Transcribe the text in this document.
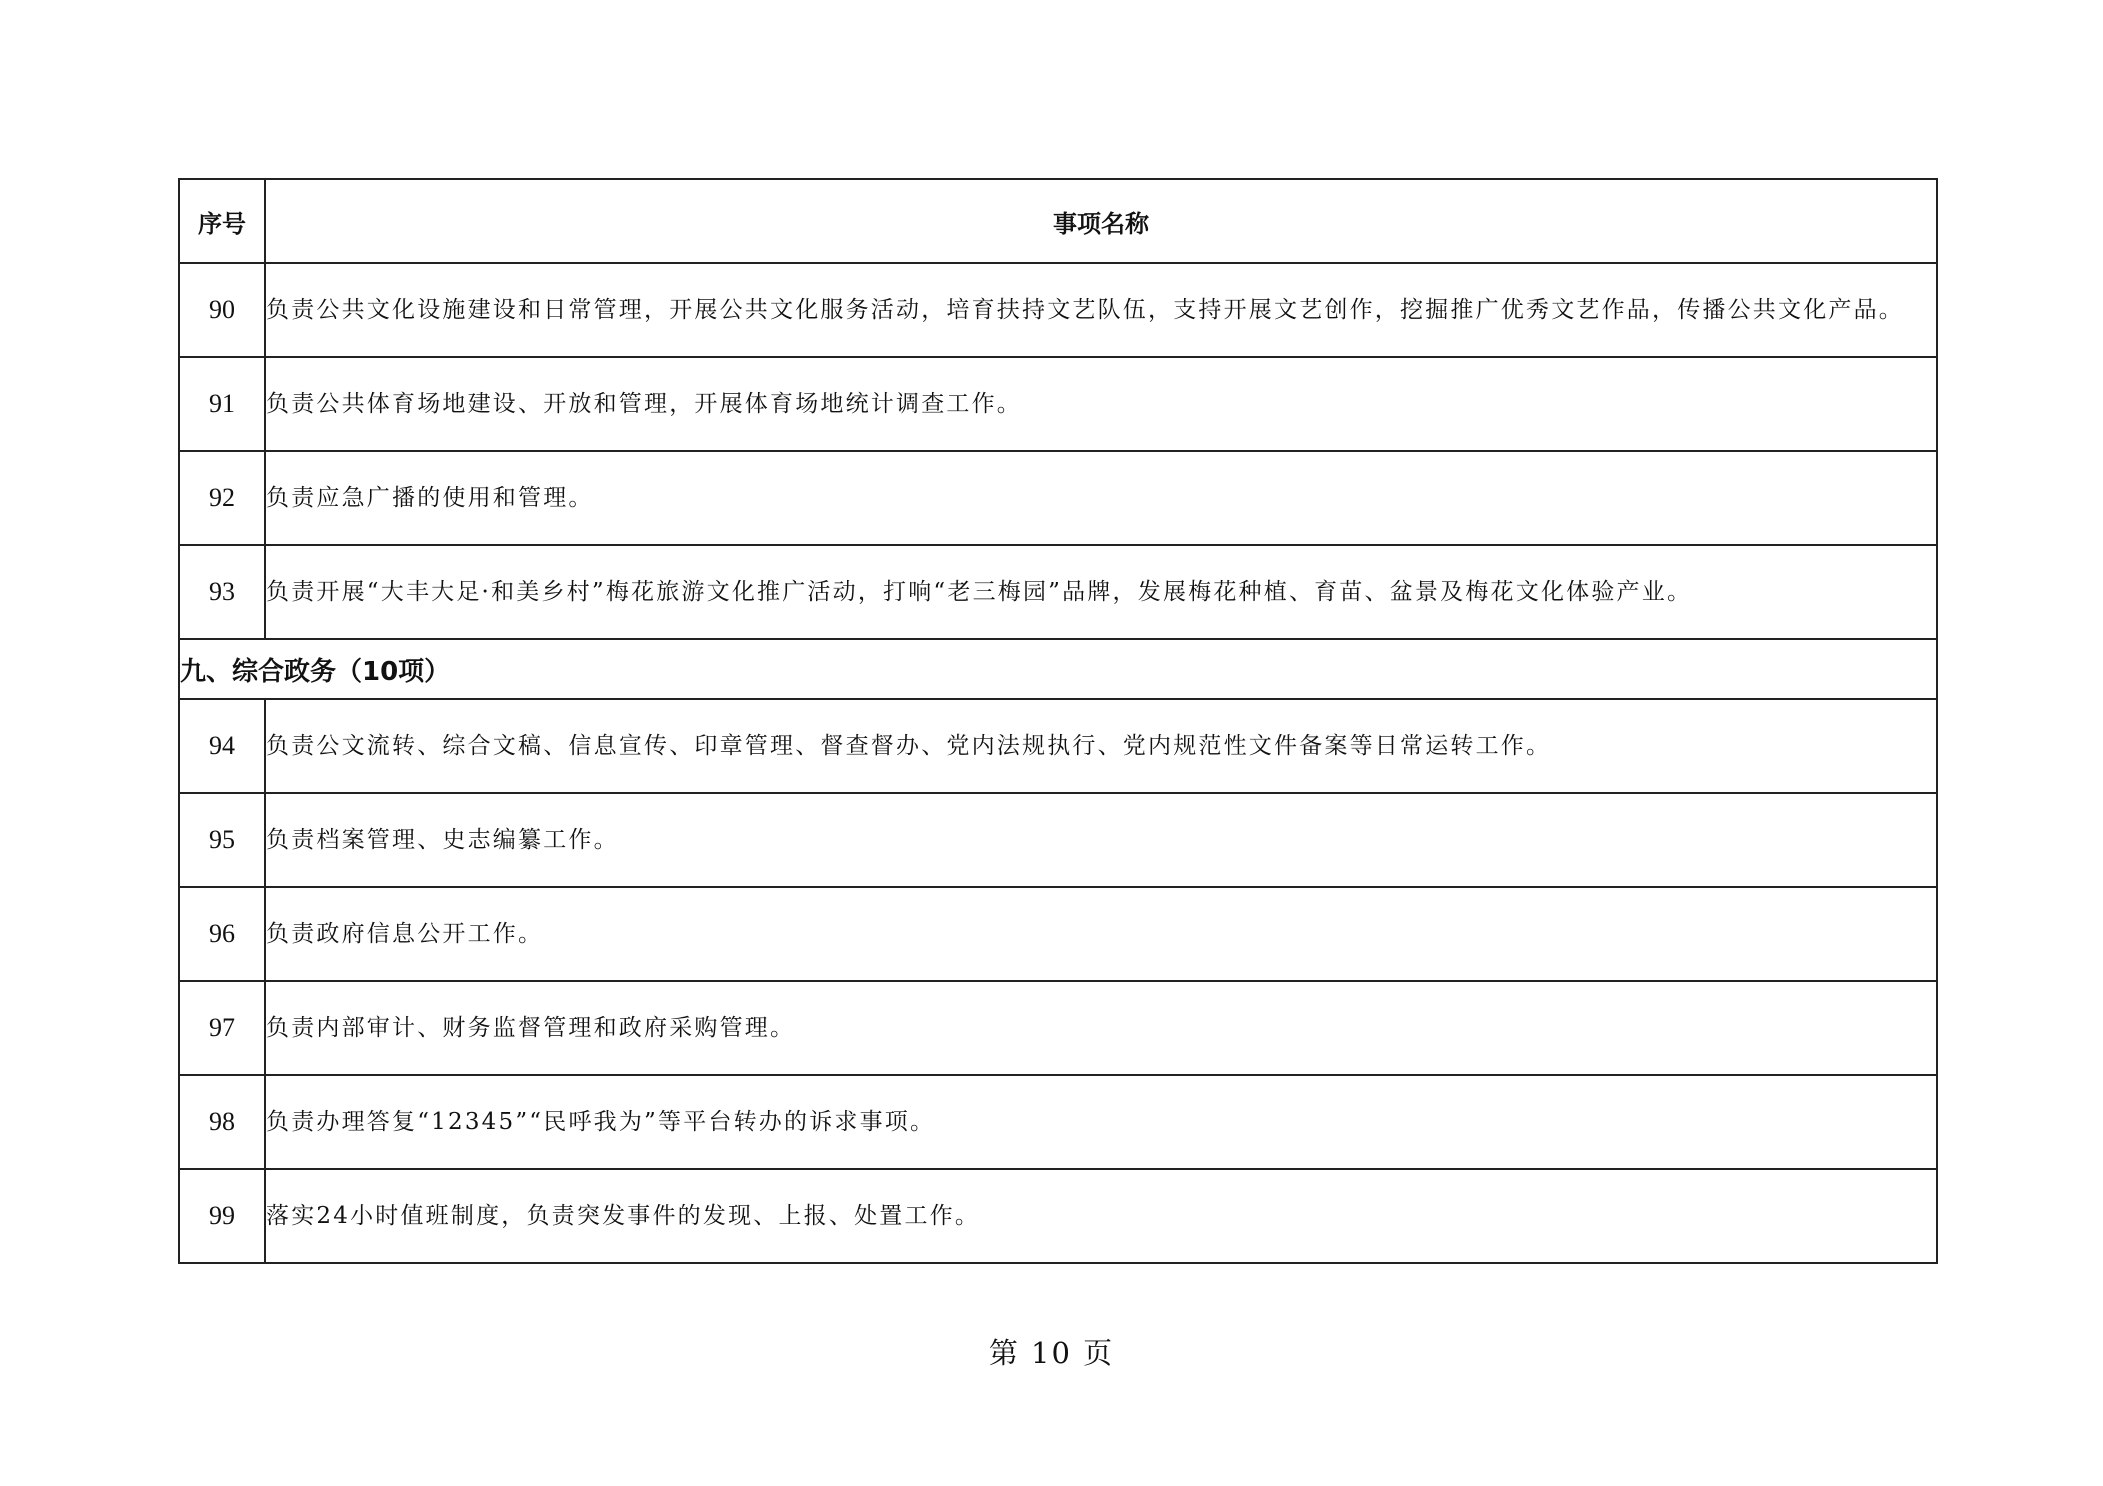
序号	事项名称
90	负责公共文化设施建设和日常管理，开展公共文化服务活动，培育扶持文艺队伍，支持开展文艺创作，挖掘推广优秀文艺作品，传播公共文化产品。
91	负责公共体育场地建设、开放和管理，开展体育场地统计调查工作。
92	负责应急广播的使用和管理。
93	负责开展“大丰大足·和美乡村”梅花旅游文化推广活动，打响“老三梅园”品牌，发展梅花种植、育苗、盆景及梅花文化体验产业。
九、综合政务（10项）	
94	负责公文流转、综合文稿、信息宣传、印章管理、督查督办、党内法规执行、党内规范性文件备案等日常运转工作。
95	负责档案管理、史志编纂工作。
96	负责政府信息公开工作。
97	负责内部审计、财务监督管理和政府采购管理。
98	负责办理答复“12345”“民呼我为”等平台转办的诉求事项。
99	落实24小时值班制度，负责突发事件的发现、上报、处置工作。
第 10 页
